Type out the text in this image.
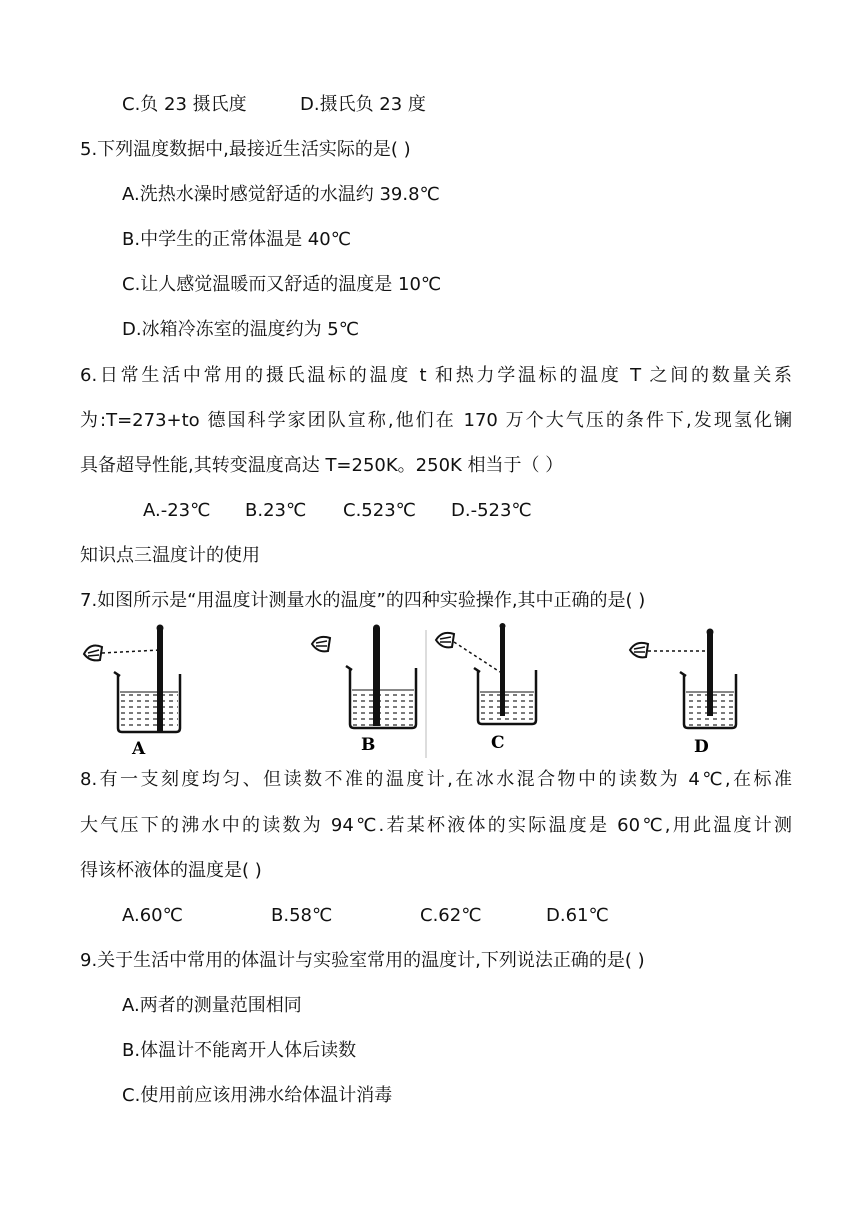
C.负 23 摄氏度	D.摄氏负 23 度
5.下列温度数据中,最接近生活实际的是( )
A.洗热水澡时感觉舒适的水温约 39.8℃
B.中学生的正常体温是 40℃
C.让人感觉温暖而又舒适的温度是 10℃
D.冰箱冷冻室的温度约为 5℃
6.日常生活中常用的摄氏温标的温度 t 和热力学温标的温度 T 之间的数量关系
为:T=273+to 德国科学家团队宣称,他们在 170 万个大气压的条件下,发现氢化镧
具备超导性能,其转变温度高达 T=250K。250K 相当于（ ）
A.-23℃ B.23℃ C.523℃ D.-523℃
知识点三温度计的使用
7.如图所示是“用温度计测量水的温度”的四种实验操作,其中正确的是( )
A	B	C	D
8.有一支刻度均匀、但读数不准的温度计,在冰水混合物中的读数为 4℃,在标准
大气压下的沸水中的读数为 94℃.若某杯液体的实际温度是 60℃,用此温度计测
得该杯液体的温度是( )
A.60℃	B.58℃	C.62℃	D.61℃
9.关于生活中常用的体温计与实验室常用的温度计,下列说法正确的是( )
A.两者的测量范围相同
B.体温计不能离开人体后读数
C.使用前应该用沸水给体温计消毒
